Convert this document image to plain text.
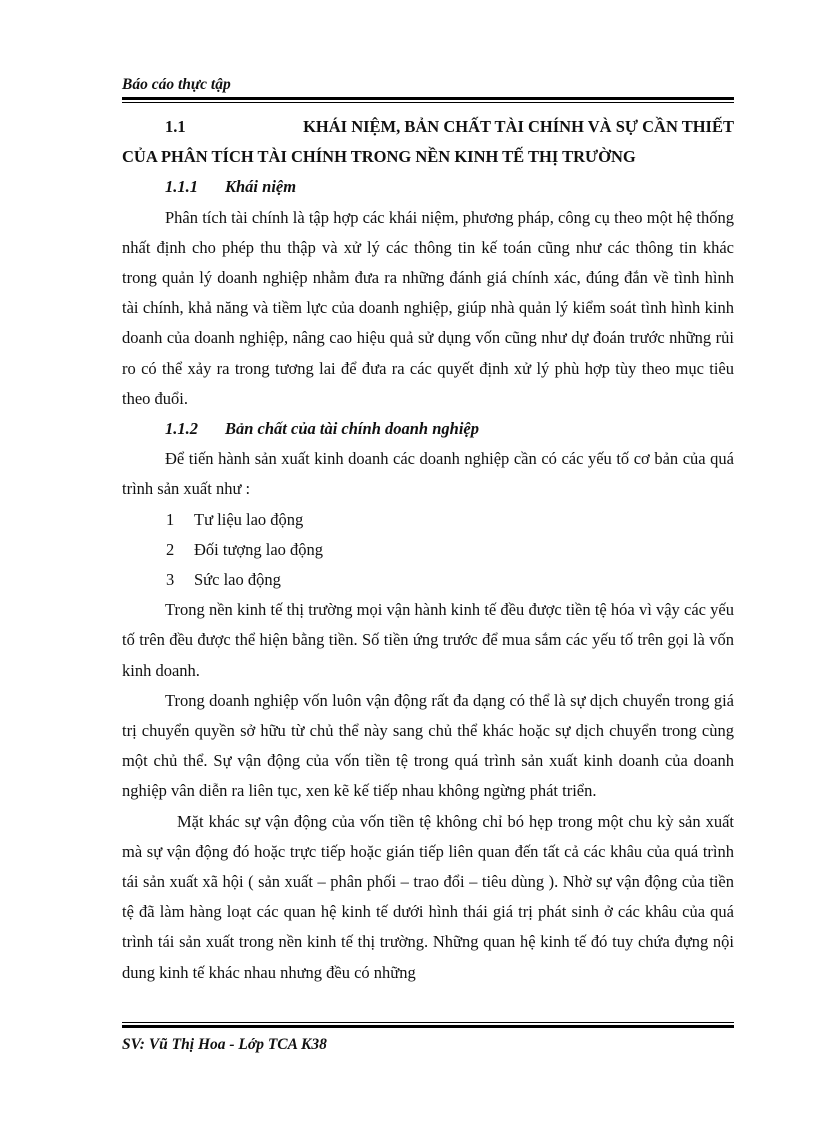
Báo cáo thực tập
1.1	KHÁI NIỆM, BẢN CHẤT TÀI CHÍNH VÀ SỰ CẦN THIẾT
CỦA PHÂN TÍCH TÀI CHÍNH TRONG NỀN KINH TẾ THỊ TRƯỜNG
1.1.1	Khái niệm

Phân tích tài chính là tập hợp các khái niệm, phương pháp, công cụ theo một hệ thống nhất định cho phép thu thập và xử lý các thông tin kế toán cũng như các thông tin khác trong quản lý doanh nghiệp nhằm đưa ra những đánh giá chính xác, đúng đắn về tình hình tài chính, khả năng và tiềm lực của doanh nghiệp, giúp nhà quản lý kiểm soát tình hình kinh doanh của doanh nghiệp, nâng cao hiệu quả sử dụng vốn cũng như dự đoán trước những rủi ro có thể xảy ra trong tương lai để đưa ra các quyết định xử lý phù hợp tùy theo mục tiêu theo đuổi.

1.1.2	Bản chất của tài chính doanh nghiệp

Để tiến hành sản xuất kinh doanh các doanh nghiệp cần có các yếu tố cơ bản của quá trình sản xuất như :

1	Tư liệu lao động
2	Đối tượng lao động
3	Sức lao động

Trong nền kinh tế thị trường mọi vận hành kinh tế đều được tiền tệ hóa vì vậy các yếu tố trên đều được thể hiện bằng tiền. Số tiền ứng trước để mua sắm các yếu tố trên gọi là vốn kinh doanh.

Trong doanh nghiệp vốn luôn vận động rất đa dạng có thể là sự dịch chuyển trong giá trị chuyển quyền sở hữu từ chủ thể này sang chủ thể khác hoặc sự dịch chuyển trong cùng một chủ thể. Sự vận động của vốn tiền tệ trong quá trình sản xuất kinh doanh của doanh nghiệp vân diễn ra liên tục, xen kẽ kế tiếp nhau không ngừng phát triển.

Mặt khác sự vận động của vốn tiền tệ không chỉ bó hẹp trong một chu kỳ sản xuất mà sự vận động đó hoặc trực tiếp hoặc gián tiếp liên quan đến tất cả các khâu của quá trình tái sản xuất xã hội ( sản xuất – phân phối – trao đổi – tiêu dùng ). Nhờ sự vận động của tiền tệ đã làm hàng loạt các quan hệ kinh tế dưới hình thái giá trị phát sinh ở các khâu của quá trình tái sản xuất trong nền kinh tế thị trường. Những quan hệ kinh tế đó tuy chứa đựng nội dung kinh tế khác nhau nhưng đều có những

SV: Vũ Thị Hoa - Lớp TCA K38
